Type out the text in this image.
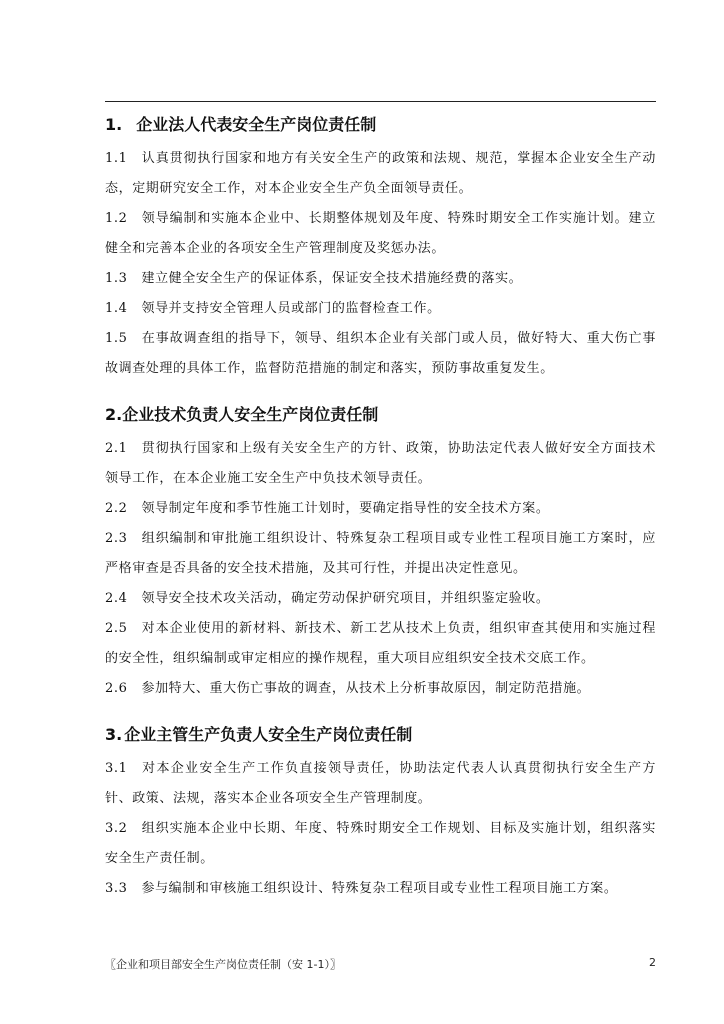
1. 企业法人代表安全生产岗位责任制
1.1 认真贯彻执行国家和地方有关安全生产的政策和法规、规范，掌握本企业安全生产动态，定期研究安全工作，对本企业安全生产负全面领导责任。
1.2 领导编制和实施本企业中、长期整体规划及年度、特殊时期安全工作实施计划。建立健全和完善本企业的各项安全生产管理制度及奖惩办法。
1.3 建立健全安全生产的保证体系，保证安全技术措施经费的落实。
1.4 领导并支持安全管理人员或部门的监督检查工作。
1.5 在事故调查组的指导下，领导、组织本企业有关部门或人员，做好特大、重大伤亡事故调查处理的具体工作，监督防范措施的制定和落实，预防事故重复发生。
2.企业技术负责人安全生产岗位责任制
2.1 贯彻执行国家和上级有关安全生产的方针、政策，协助法定代表人做好安全方面技术领导工作，在本企业施工安全生产中负技术领导责任。
2.2 领导制定年度和季节性施工计划时，要确定指导性的安全技术方案。
2.3 组织编制和审批施工组织设计、特殊复杂工程项目或专业性工程项目施工方案时，应严格审查是否具备的安全技术措施，及其可行性，并提出决定性意见。
2.4 领导安全技术攻关活动，确定劳动保护研究项目，并组织鉴定验收。
2.5 对本企业使用的新材料、新技术、新工艺从技术上负责，组织审查其使用和实施过程的安全性，组织编制或审定相应的操作规程，重大项目应组织安全技术交底工作。
2.6 参加特大、重大伤亡事故的调查，从技术上分析事故原因，制定防范措施。
3. 企业主管生产负责人安全生产岗位责任制
3.1 对本企业安全生产工作负直接领导责任，协助法定代表人认真贯彻执行安全生产方针、政策、法规，落实本企业各项安全生产管理制度。
3.2 组织实施本企业中长期、年度、特殊时期安全工作规划、目标及实施计划，组织落实安全生产责任制。
3.3 参与编制和审核施工组织设计、特殊复杂工程项目或专业性工程项目施工方案。
〖企业和项目部安全生产岗位责任制（安 1-1）〗	2
